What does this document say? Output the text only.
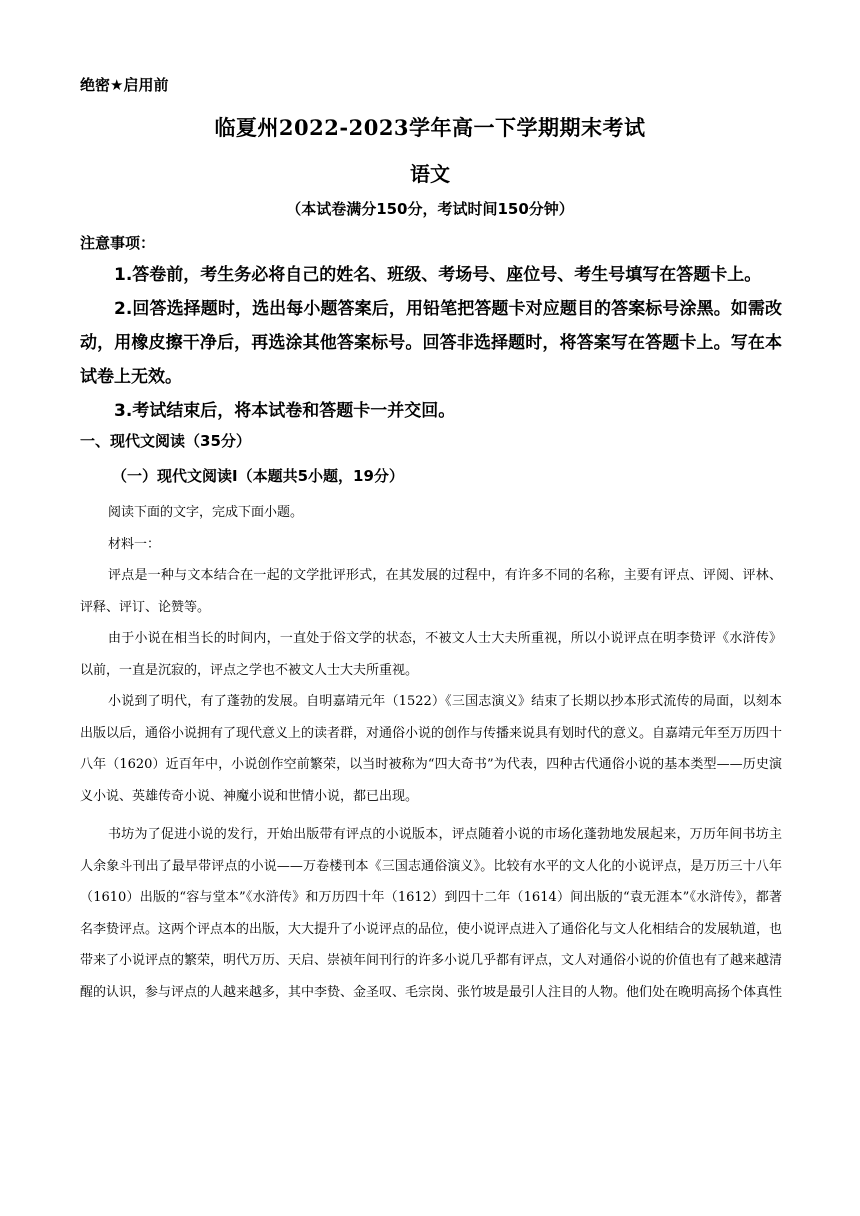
绝密★启用前
临夏州2022-2023学年高一下学期期末考试
语文
（本试卷满分150分，考试时间150分钟）
注意事项：

1.答卷前，考生务必将自己的姓名、班级、考场号、座位号、考生号填写在答题卡上。

2.回答选择题时，选出每小题答案后，用铅笔把答题卡对应题目的答案标号涂黑。如需改动，用橡皮擦干净后，再选涂其他答案标号。回答非选择题时，将答案写在答题卡上。写在本试卷上无效。

3.考试结束后，将本试卷和答题卡一并交回。

一、现代文阅读（35分）
（一）现代文阅读Ⅰ（本题共5小题，19分）

阅读下面的文字，完成下面小题。

材料一：

评点是一种与文本结合在一起的文学批评形式，在其发展的过程中，有许多不同的名称，主要有评点、评阅、评林、评释、评订、论赞等。

由于小说在相当长的时间内，一直处于俗文学的状态，不被文人士大夫所重视，所以小说评点在明李贽评《水浒传》以前，一直是沉寂的，评点之学也不被文人士大夫所重视。

小说到了明代，有了蓬勃的发展。自明嘉靖元年（1522）《三国志演义》结束了长期以抄本形式流传的局面，以刻本出版以后，通俗小说拥有了现代意义上的读者群，对通俗小说的创作与传播来说具有划时代的意义。自嘉靖元年至万历四十八年（1620）近百年中，小说创作空前繁荣，以当时被称为“四大奇书”为代表，四种古代通俗小说的基本类型——历史演义小说、英雄传奇小说、神魔小说和世情小说，都已出现。

书坊为了促进小说的发行，开始出版带有评点的小说版本，评点随着小说的市场化蓬勃地发展起来，万历年间书坊主人余象斗刊出了最早带评点的小说——万卷楼刊本《三国志通俗演义》。比较有水平的文人化的小说评点，是万历三十八年（1610）出版的“容与堂本”《水浒传》和万历四十年（1612）到四十二年（1614）间出版的“袁无涯本”《水浒传》，都著名李贽评点。这两个评点本的出版，大大提升了小说评点的品位，使小说评点进入了通俗化与文人化相结合的发展轨道，也带来了小说评点的繁荣，明代万历、天启、崇祯年间刊行的许多小说几乎都有评点，文人对通俗小说的价值也有了越来越清醒的认识，参与评点的人越来越多，其中李贽、金圣叹、毛宗岗、张竹坡是最引人注目的人物。他们处在晚明高扬个体真性
